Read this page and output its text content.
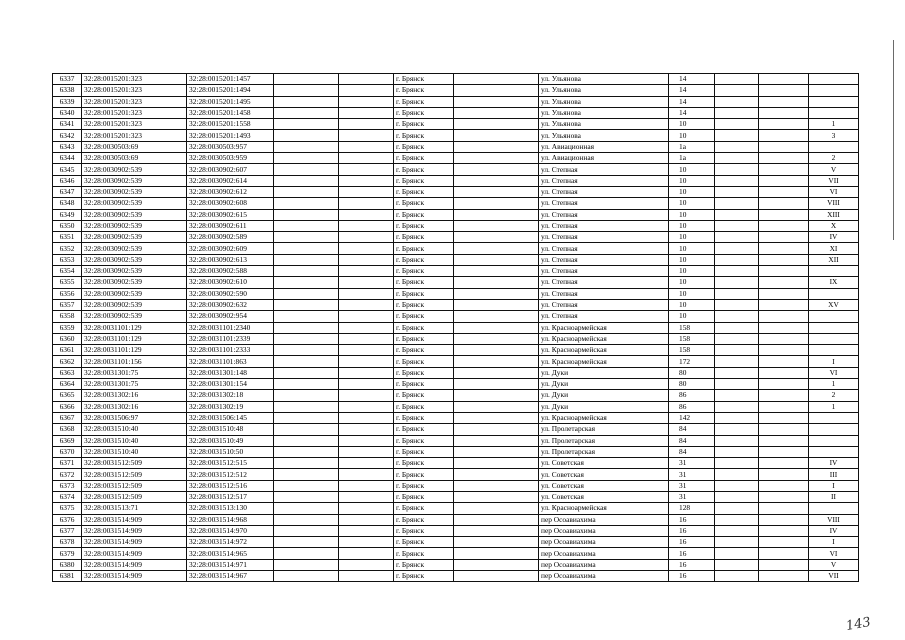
6337	32:28:0015201:323	32:28:0015201:1457			г. Брянск		ул. Ульянова	14			
6338	32:28:0015201:323	32:28:0015201:1494			г. Брянск		ул. Ульянова	14			
6339	32:28:0015201:323	32:28:0015201:1495			г. Брянск		ул. Ульянова	14			
6340	32:28:0015201:323	32:28:0015201:1458			г. Брянск		ул. Ульянова	14			
6341	32:28:0015201:323	32:28:0015201:1558			г. Брянск		ул. Ульянова	10			1
6342	32:28:0015201:323	32:28:0015201:1493			г. Брянск		ул. Ульянова	10			3
6343	32:28:0030503:69	32:28:0030503:957			г. Брянск		ул. Авиационная	1а			
6344	32:28:0030503:69	32:28:0030503:959			г. Брянск		ул. Авиационная	1а			2
6345	32:28:0030902:539	32:28:0030902:607			г. Брянск		ул. Степная	10			V
6346	32:28:0030902:539	32:28:0030902:614			г. Брянск		ул. Степная	10			VII
6347	32:28:0030902:539	32:28:0030902:612			г. Брянск		ул. Степная	10			VI
6348	32:28:0030902:539	32:28:0030902:608			г. Брянск		ул. Степная	10			VIII
6349	32:28:0030902:539	32:28:0030902:615			г. Брянск		ул. Степная	10			XIII
6350	32:28:0030902:539	32:28:0030902:611			г. Брянск		ул. Степная	10			X
6351	32:28:0030902:539	32:28:0030902:589			г. Брянск		ул. Степная	10			IV
6352	32:28:0030902:539	32:28:0030902:609			г. Брянск		ул. Степная	10			XI
6353	32:28:0030902:539	32:28:0030902:613			г. Брянск		ул. Степная	10			XII
6354	32:28:0030902:539	32:28:0030902:588			г. Брянск		ул. Степная	10			
6355	32:28:0030902:539	32:28:0030902:610			г. Брянск		ул. Степная	10			IX
6356	32:28:0030902:539	32:28:0030902:590			г. Брянск		ул. Степная	10			
6357	32:28:0030902:539	32:28:0030902:632			г. Брянск		ул. Степная	10			XV
6358	32:28:0030902:539	32:28:0030902:954			г. Брянск		ул. Степная	10			
6359	32:28:0031101:129	32:28:0031101:2340			г. Брянск		ул. Красноармейская	158			
6360	32:28:0031101:129	32:28:0031101:2339			г. Брянск		ул. Красноармейская	158			
6361	32:28:0031101:129	32:28:0031101:2333			г. Брянск		ул. Красноармейская	158			
6362	32:28:0031101:156	32:28:0031101:863			г. Брянск		ул. Красноармейская	172			I
6363	32:28:0031301:75	32:28:0031301:148			г. Брянск		ул. Дуки	80			VI
6364	32:28:0031301:75	32:28:0031301:154			г. Брянск		ул. Дуки	80			1
6365	32:28:0031302:16	32:28:0031302:18			г. Брянск		ул. Дуки	86			2
6366	32:28:0031302:16	32:28:0031302:19			г. Брянск		ул. Дуки	86			1
6367	32:28:0031506:97	32:28:0031506:145			г. Брянск		ул. Красноармейская	142			
6368	32:28:0031510:40	32:28:0031510:48			г. Брянск		ул. Пролетарская	84			
6369	32:28:0031510:40	32:28:0031510:49			г. Брянск		ул. Пролетарская	84			
6370	32:28:0031510:40	32:28:0031510:50			г. Брянск		ул. Пролетарская	84			
6371	32:28:0031512:509	32:28:0031512:515			г. Брянск		ул. Советская	31			IV
6372	32:28:0031512:509	32:28:0031512:512			г. Брянск		ул. Советская	31			III
6373	32:28:0031512:509	32:28:0031512:516			г. Брянск		ул. Советская	31			I
6374	32:28:0031512:509	32:28:0031512:517			г. Брянск		ул. Советская	31			II
6375	32:28:0031513:71	32:28:0031513:130			г. Брянск		ул. Красноармейская	128			
6376	32:28:0031514:909	32:28:0031514:968			г. Брянск		пер Осоавиахима	16			VIII
6377	32:28:0031514:909	32:28:0031514:970			г. Брянск		пер Осоавиахима	16			IV
6378	32:28:0031514:909	32:28:0031514:972			г. Брянск		пер Осоавиахима	16			I
6379	32:28:0031514:909	32:28:0031514:965			г. Брянск		пер Осоавиахима	16			VI
6380	32:28:0031514:909	32:28:0031514:971			г. Брянск		пер Осоавиахима	16			V
6381	32:28:0031514:909	32:28:0031514:967			г. Брянск		пер Осоавиахима	16			VII
143
